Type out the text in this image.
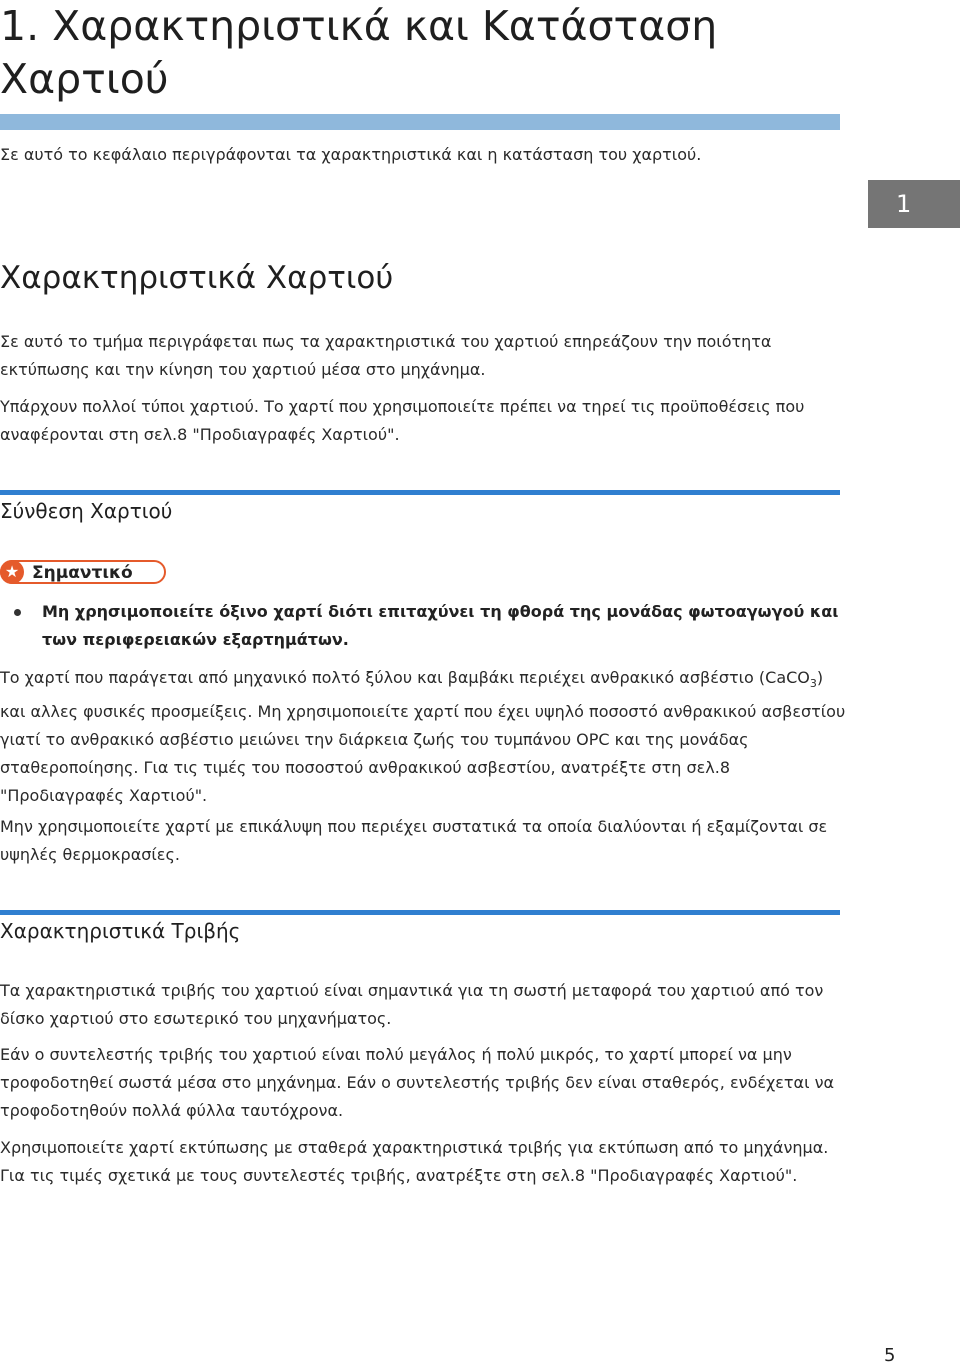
1. Χαρακτηριστικά και Κατάσταση Χαρτιού
Σε αυτό το κεφάλαιο περιγράφονται τα χαρακτηριστικά και η κατάσταση του χαρτιού.
1
Χαρακτηριστικά Χαρτιού

Σε αυτό το τμήμα περιγράφεται πως τα χαρακτηριστικά του χαρτιού επηρεάζουν την ποιότητα εκτύπωσης και την κίνηση του χαρτιού μέσα στο μηχάνημα.

Υπάρχουν πολλοί τύποι χαρτιού. Το χαρτί που χρησιμοποιείτε πρέπει να τηρεί τις προϋποθέσεις που αναφέρονται στη σελ.8 "Προδιαγραφές Χαρτιού".

Σύνθεση Χαρτιού
★ Σημαντικό
Μη χρησιμοποιείτε όξινο χαρτί διότι επιταχύνει τη φθορά της μονάδας φωτοαγωγού και των περιφερειακών εξαρτημάτων.

Το χαρτί που παράγεται από μηχανικό πολτό ξύλου και βαμβάκι περιέχει ανθρακικό ασβέστιο (CaCO$_3$) και αλλες φυσικές προσμείξεις. Μη χρησιμοποιείτε χαρτί που έχει υψηλό ποσοστό ανθρακικού ασβεστίου γιατί το ανθρακικό ασβέστιο μειώνει την διάρκεια ζωής του τυμπάνου OPC και της μονάδας σταθεροποίησης. Για τις τιμές του ποσοστού ανθρακικού ασβεστίου, ανατρέξτε στη σελ.8 "Προδιαγραφές Χαρτιού".

Μην χρησιμοποιείτε χαρτί με επικάλυψη που περιέχει συστατικά τα οποία διαλύονται ή εξαμίζονται σε υψηλές θερμοκρασίες.

Χαρακτηριστικά Τριβής

Τα χαρακτηριστικά τριβής του χαρτιού είναι σημαντικά για τη σωστή μεταφορά του χαρτιού από τον δίσκο χαρτιού στο εσωτερικό του μηχανήματος.

Εάν ο συντελεστής τριβής του χαρτιού είναι πολύ μεγάλος ή πολύ μικρός, το χαρτί μπορεί να μην τροφοδοτηθεί σωστά μέσα στο μηχάνημα. Εάν ο συντελεστής τριβής δεν είναι σταθερός, ενδέχεται να τροφοδοτηθούν πολλά φύλλα ταυτόχρονα.

Χρησιμοποιείτε χαρτί εκτύπωσης με σταθερά χαρακτηριστικά τριβής για εκτύπωση από το μηχάνημα. Για τις τιμές σχετικά με τους συντελεστές τριβής, ανατρέξτε στη σελ.8 "Προδιαγραφές Χαρτιού".

5
